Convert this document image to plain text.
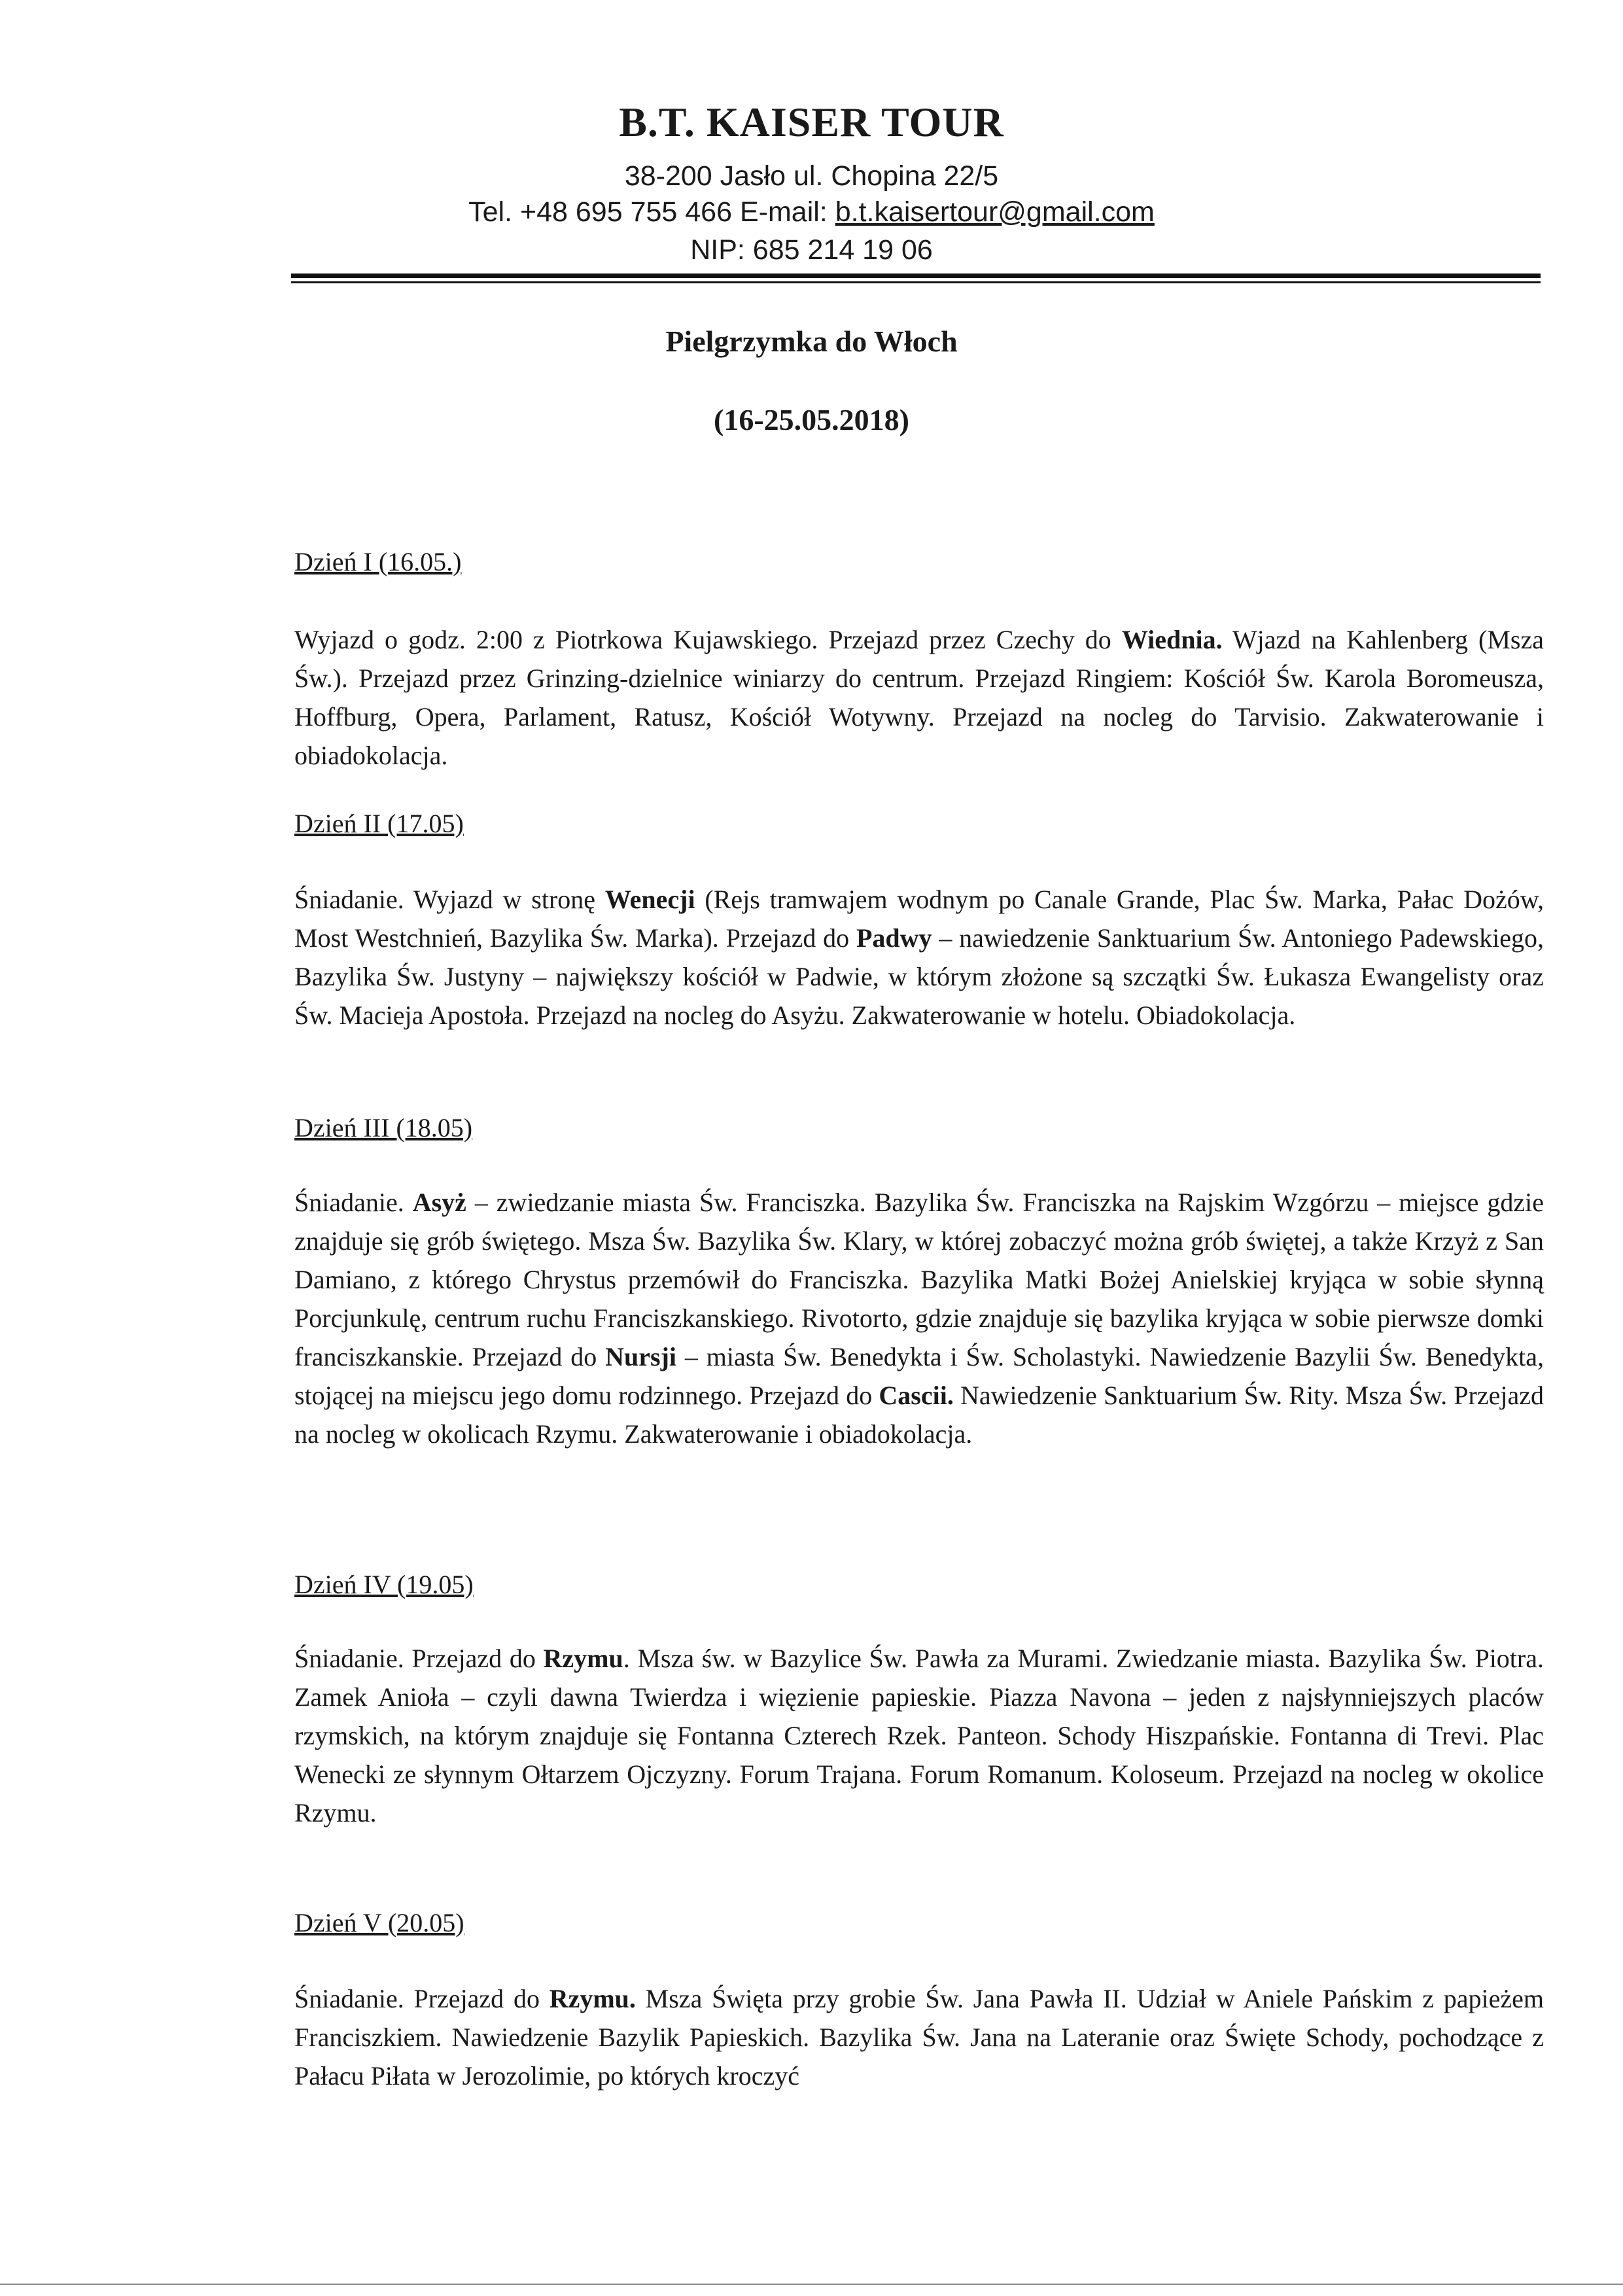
B.T. KAISER TOUR
38-200 Jasło ul. Chopina 22/5
Tel. +48 695 755 466 E-mail: b.t.kaisertour@gmail.com
NIP: 685 214 19 06
Pielgrzymka do Włoch
(16-25.05.2018)
Dzień I (16.05.)

Wyjazd o godz. 2:00 z Piotrkowa Kujawskiego. Przejazd przez Czechy do Wiednia. Wjazd na Kahlenberg (Msza Św.). Przejazd przez Grinzing-dzielnice winiarzy do centrum. Przejazd Ringiem: Kościół Św. Karola Boromeusza, Hoffburg, Opera, Parlament, Ratusz, Kościół Wotywny. Przejazd na nocleg do Tarvisio. Zakwaterowanie i obiadokolacja.

Dzień II (17.05)

Śniadanie. Wyjazd w stronę Wenecji (Rejs tramwajem wodnym po Canale Grande, Plac Św. Marka, Pałac Dożów, Most Westchnień, Bazylika Św. Marka). Przejazd do Padwy – nawiedzenie Sanktuarium Św. Antoniego Padewskiego, Bazylika Św. Justyny – największy kościół w Padwie, w którym złożone są szczątki Św. Łukasza Ewangelisty oraz Św. Macieja Apostoła. Przejazd na nocleg do Asyżu. Zakwaterowanie w hotelu. Obiadokolacja.

Dzień III (18.05)

Śniadanie. Asyż – zwiedzanie miasta Św. Franciszka. Bazylika Św. Franciszka na Rajskim Wzgórzu – miejsce gdzie znajduje się grób świętego. Msza Św. Bazylika Św. Klary, w której zobaczyć można grób świętej, a także Krzyż z San Damiano, z którego Chrystus przemówił do Franciszka. Bazylika Matki Bożej Anielskiej kryjąca w sobie słynną Porcjunkulę, centrum ruchu Franciszkanskiego. Rivotorto, gdzie znajduje się bazylika kryjąca w sobie pierwsze domki franciszkanskie. Przejazd do Nursji – miasta Św. Benedykta i Św. Scholastyki. Nawiedzenie Bazylii Św. Benedykta, stojącej na miejscu jego domu rodzinnego. Przejazd do Cascii. Nawiedzenie Sanktuarium Św. Rity. Msza Św. Przejazd na nocleg w okolicach Rzymu. Zakwaterowanie i obiadokolacja.

Dzień IV (19.05)

Śniadanie. Przejazd do Rzymu. Msza św. w Bazylice Św. Pawła za Murami. Zwiedzanie miasta. Bazylika Św. Piotra. Zamek Anioła – czyli dawna Twierdza i więzienie papieskie. Piazza Navona – jeden z najsłynniejszych placów rzymskich, na którym znajduje się Fontanna Czterech Rzek. Panteon. Schody Hiszpańskie. Fontanna di Trevi. Plac Wenecki ze słynnym Ołtarzem Ojczyzny. Forum Trajana. Forum Romanum. Koloseum. Przejazd na nocleg w okolice Rzymu.

Dzień V (20.05)

Śniadanie. Przejazd do Rzymu. Msza Święta przy grobie Św. Jana Pawła II. Udział w Aniele Pańskim z papieżem Franciszkiem. Nawiedzenie Bazylik Papieskich. Bazylika Św. Jana na Lateranie oraz Święte Schody, pochodzące z Pałacu Piłata w Jerozolimie, po których kroczyć
